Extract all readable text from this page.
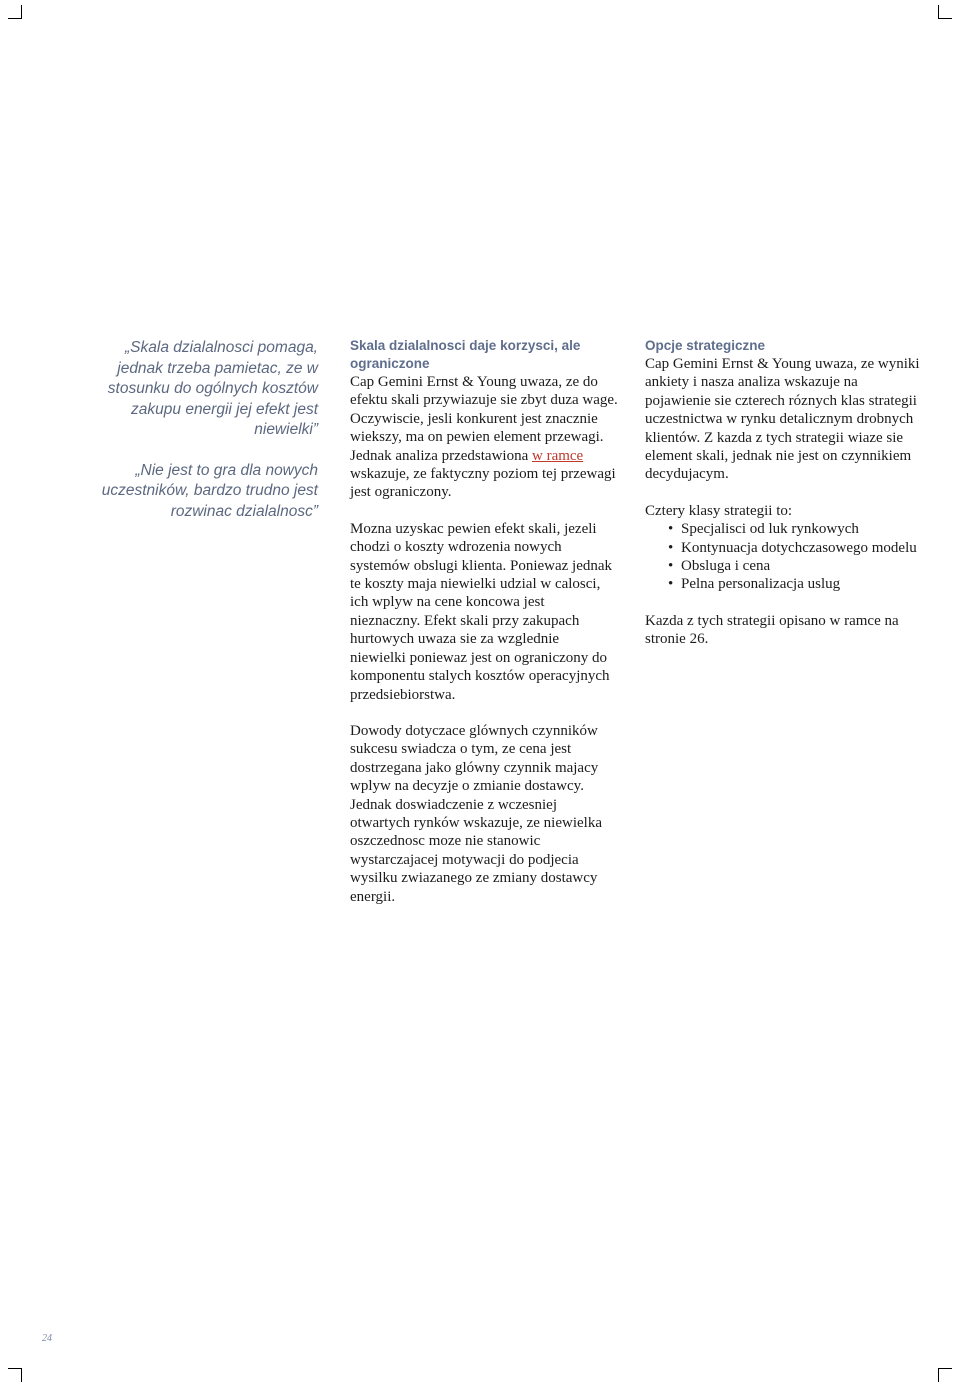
„Skala dzialalnosci pomaga, jednak trzeba pamietac, ze w stosunku do ogólnych kosztów zakupu energii jej efekt jest niewielki”

„Nie jest to gra dla nowych uczestników, bardzo trudno jest rozwinac dzialalnosc”

Skala dzialalnosci daje korzysci, ale ograniczone

Cap Gemini Ernst & Young uwaza, ze do efektu skali przywiazuje sie zbyt duza wage. Oczywiscie, jesli konkurent jest znacznie wiekszy, ma on pewien element przewagi. Jednak analiza przedstawiona w ramce wskazuje, ze faktyczny poziom tej przewagi jest ograniczony.

Mozna uzyskac pewien efekt skali, jezeli chodzi o koszty wdrozenia nowych systemów obslugi klienta. Poniewaz jednak te koszty maja niewielki udzial w calosci, ich wplyw na cene koncowa jest nieznaczny. Efekt skali przy zakupach hurtowych uwaza sie za wzglednie niewielki poniewaz jest on ograniczony do komponentu stalych kosztów operacyjnych przedsiebiorstwa.

Dowody dotyczace glównych czynników sukcesu swiadcza o tym, ze cena jest dostrzegana jako glówny czynnik majacy wplyw na decyzje o zmianie dostawcy. Jednak doswiadczenie z wczesniej otwartych rynków wskazuje, ze niewielka oszczednosc moze nie stanowic wystarczajacej motywacji do podjecia wysilku zwiazanego ze zmiany dostawcy energii.

Opcje strategiczne

Cap Gemini Ernst & Young uwaza, ze wyniki ankiety i nasza analiza wskazuje na pojawienie sie czterech róznych klas strategii uczestnictwa w rynku detalicznym drobnych klientów. Z kazda z tych strategii wiaze sie element skali, jednak nie jest on czynnikiem decydujacym.

Cztery klasy strategii to:
• Specjalisci od luk rynkowych
• Kontynuacja dotychczasowego modelu
• Obsluga i cena
• Pelna personalizacja uslug

Kazda z tych strategii opisano w ramce na stronie 26.

24
